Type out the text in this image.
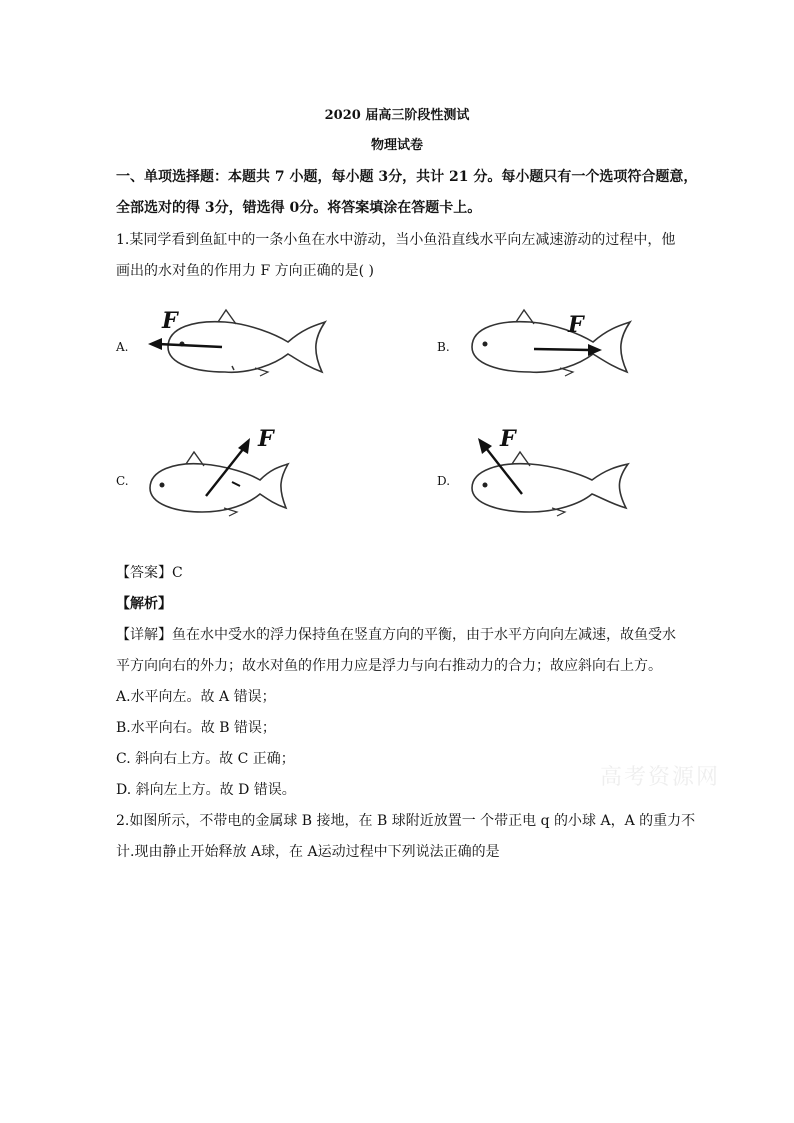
2020 届高三阶段性测试
物理试卷
一、单项选择题：本题共 7 小题，每小题 3分，共计 21 分。每小题只有一个选项符合题意，
全部选对的得 3分，错选得 0分。将答案填涂在答题卡上。
1.某同学看到鱼缸中的一条小鱼在水中游动，当小鱼沿直线水平向左减速游动的过程中，他
画出的水对鱼的作用力 F 方向正确的是( )
A.
F
B.
F
C.
F
D.
F
【答案】C
【解析】
【详解】鱼在水中受水的浮力保持鱼在竖直方向的平衡，由于水平方向向左减速，故鱼受水
平方向向右的外力；故水对鱼的作用力应是浮力与向右推动力的合力；故应斜向右上方。
A.水平向左。故 A 错误；
B.水平向右。故 B 错误；
C. 斜向右上方。故 C 正确；
D. 斜向左上方。故 D 错误。
2.如图所示，不带电的金属球 B 接地，在 B 球附近放置一 个带正电 q 的小球 A，A 的重力不
计.现由静止开始释放 A球，在 A运动过程中下列说法正确的是
高考资源网
